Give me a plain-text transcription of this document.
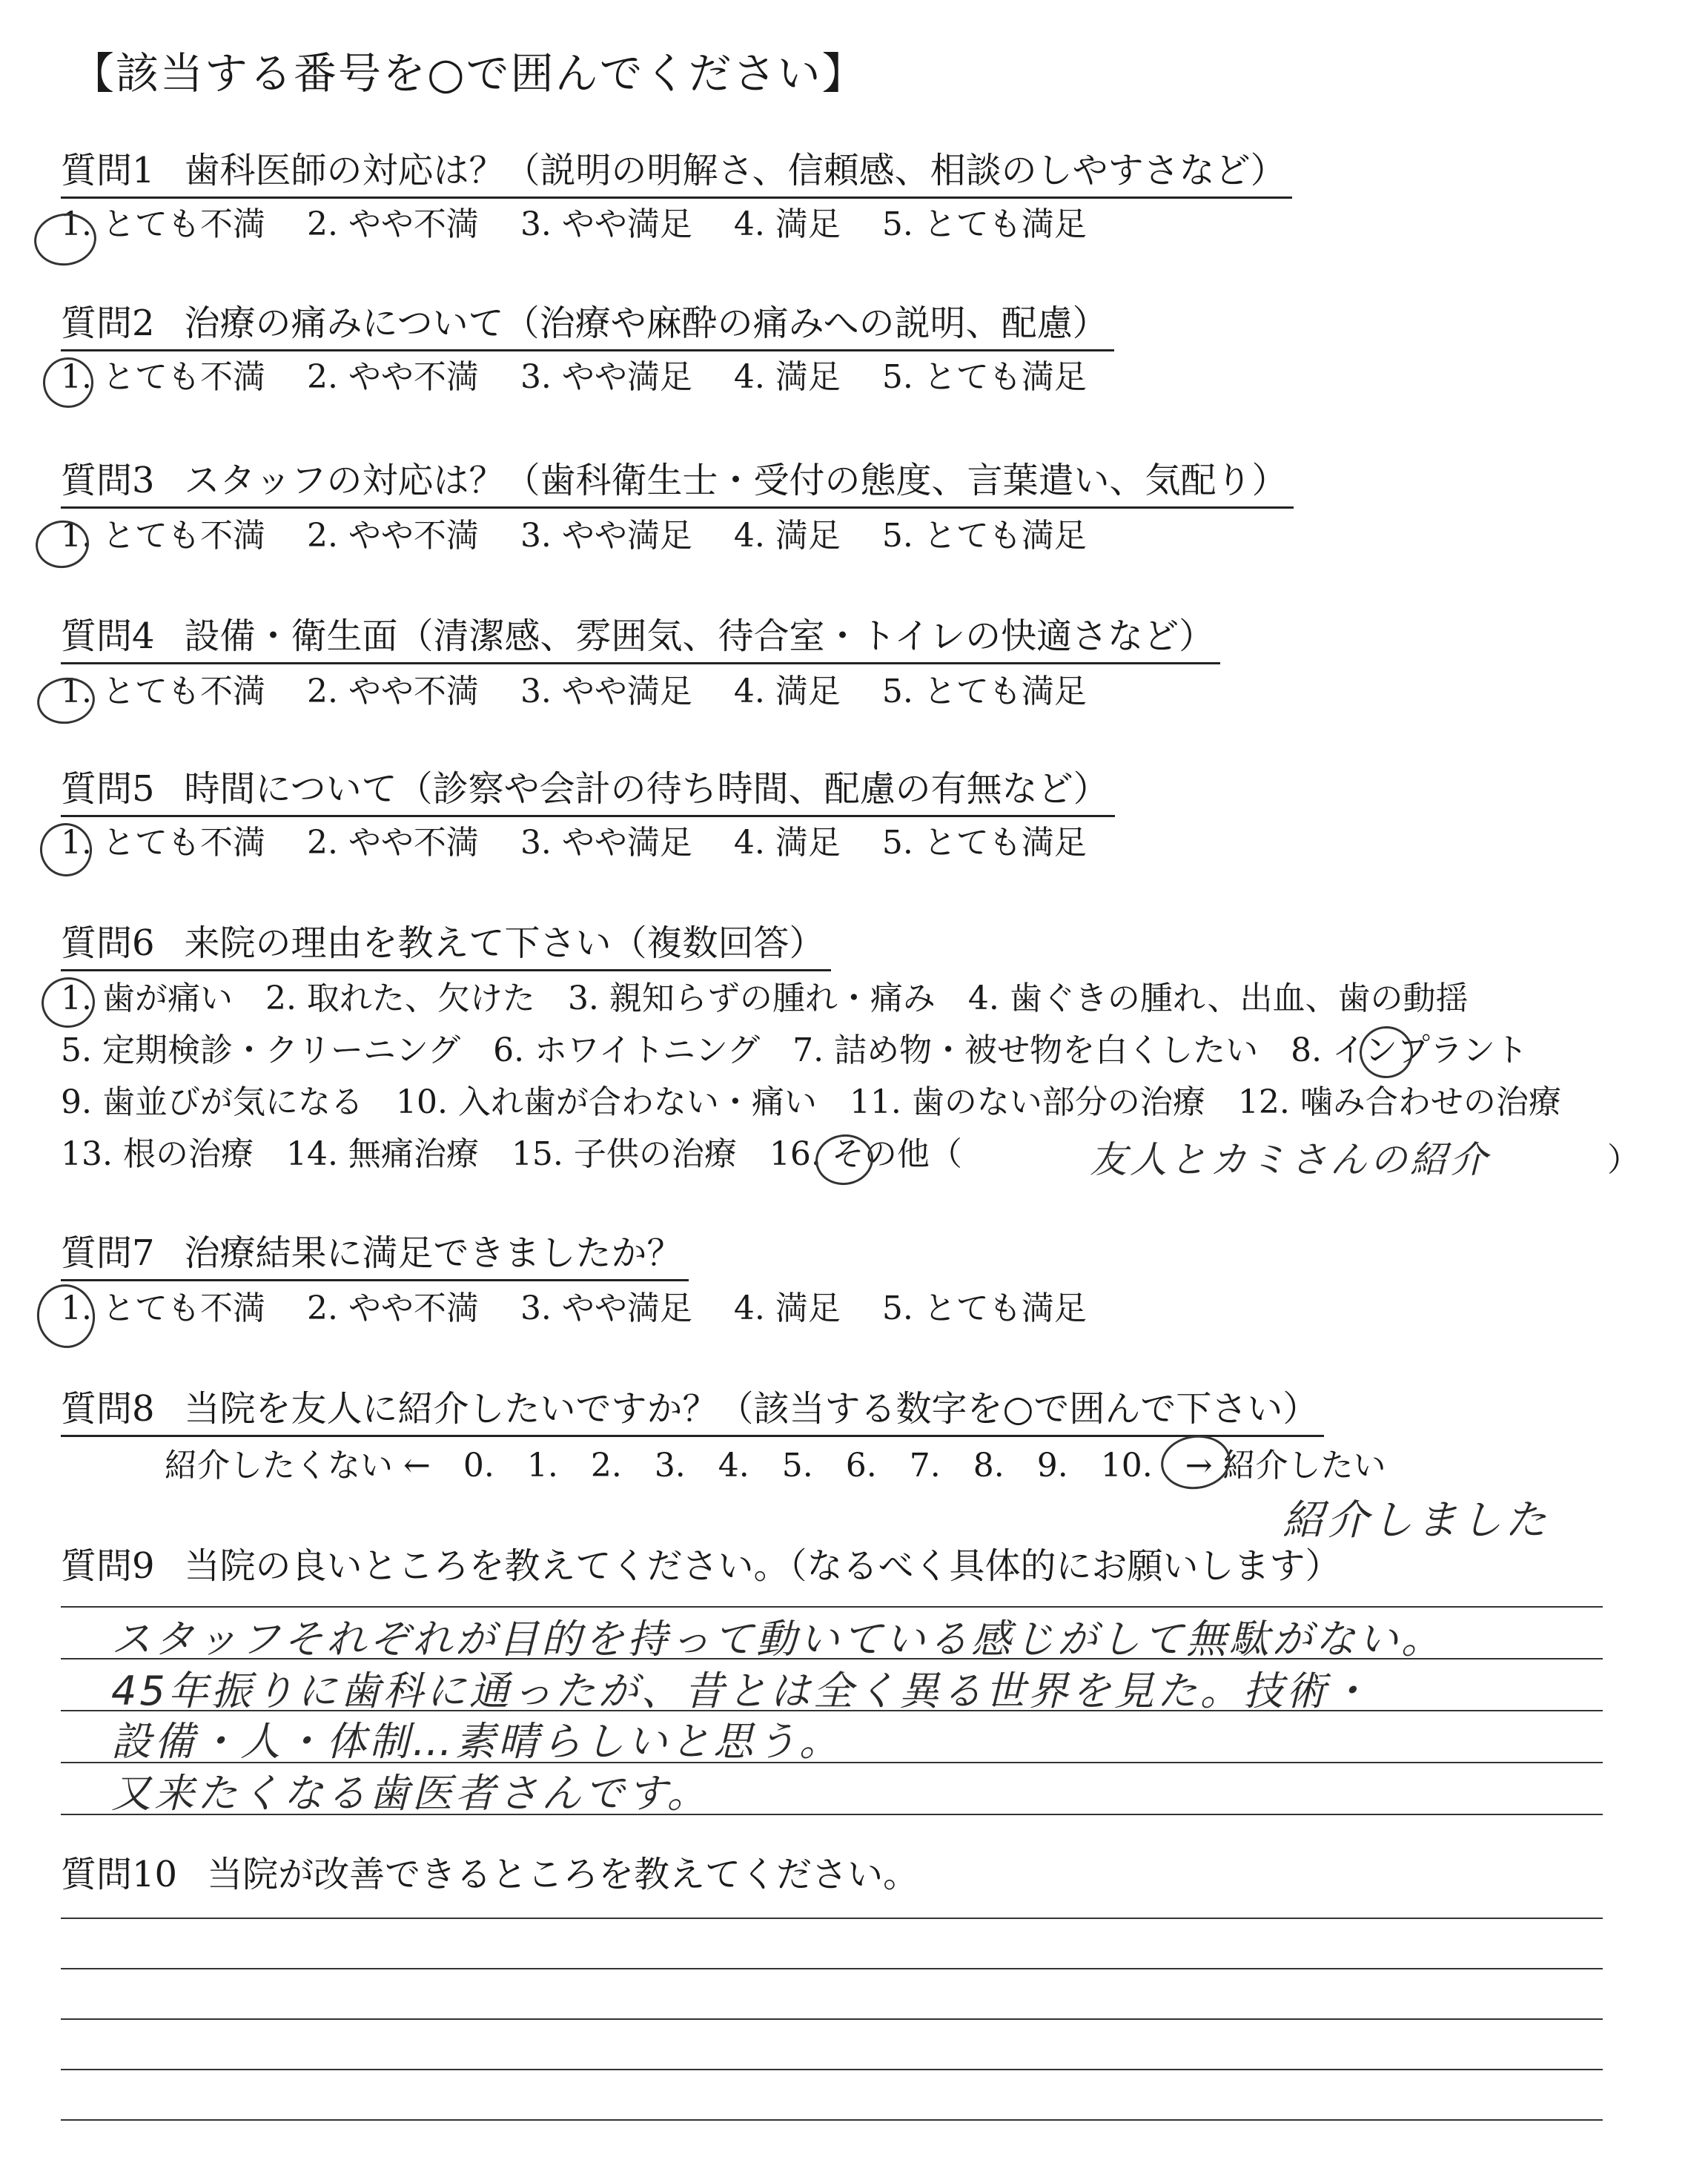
【該当する番号を○で囲んでください】
質問1 歯科医師の対応は？（説明の明解さ、信頼感、相談のしやすさなど）
1. とても不満 2. やや不満 3. やや満足 4. 満足 5. とても満足
質問2 治療の痛みについて（治療や麻酔の痛みへの説明、配慮）
1. とても不満 2. やや不満 3. やや満足 4. 満足 5. とても満足
質問3 スタッフの対応は？（歯科衛生士・受付の態度、言葉遣い、気配り）
1. とても不満 2. やや不満 3. やや満足 4. 満足 5. とても満足
質問4 設備・衛生面（清潔感、雰囲気、待合室・トイレの快適さなど）
1. とても不満 2. やや不満 3. やや満足 4. 満足 5. とても満足
質問5 時間について（診察や会計の待ち時間、配慮の有無など）
1. とても不満 2. やや不満 3. やや満足 4. 満足 5. とても満足
質問6 来院の理由を教えて下さい（複数回答）
1. 歯が痛い 2. 取れた、欠けた 3. 親知らずの腫れ・痛み 4. 歯ぐきの腫れ、出血、歯の動揺
5. 定期検診・クリーニング 6. ホワイトニング 7. 詰め物・被せ物を白くしたい 8. インプラント
9. 歯並びが気になる 10. 入れ歯が合わない・痛い 11. 歯のない部分の治療 12. 噛み合わせの治療
13. 根の治療 14. 無痛治療 15. 子供の治療 16. その他（	友人とカミさんの紹介	）
質問7 治療結果に満足できましたか？
1. とても不満 2. やや不満 3. やや満足 4. 満足 5. とても満足
質問8 当院を友人に紹介したいですか？（該当する数字を○で囲んで下さい）
紹介したくない ← 0. 1. 2. 3. 4. 5. 6. 7. 8. 9. 10. → 紹介したい
紹介しました
質問9 当院の良いところを教えてください。（なるべく具体的にお願いします）
スタッフそれぞれが目的を持って動いている感じがして無駄がない。
45年振りに歯科に通ったが、昔とは全く異る世界を見た。技術・
設備・人・体制…素晴らしいと思う。
又来たくなる歯医者さんです。
質問10 当院が改善できるところを教えてください。
